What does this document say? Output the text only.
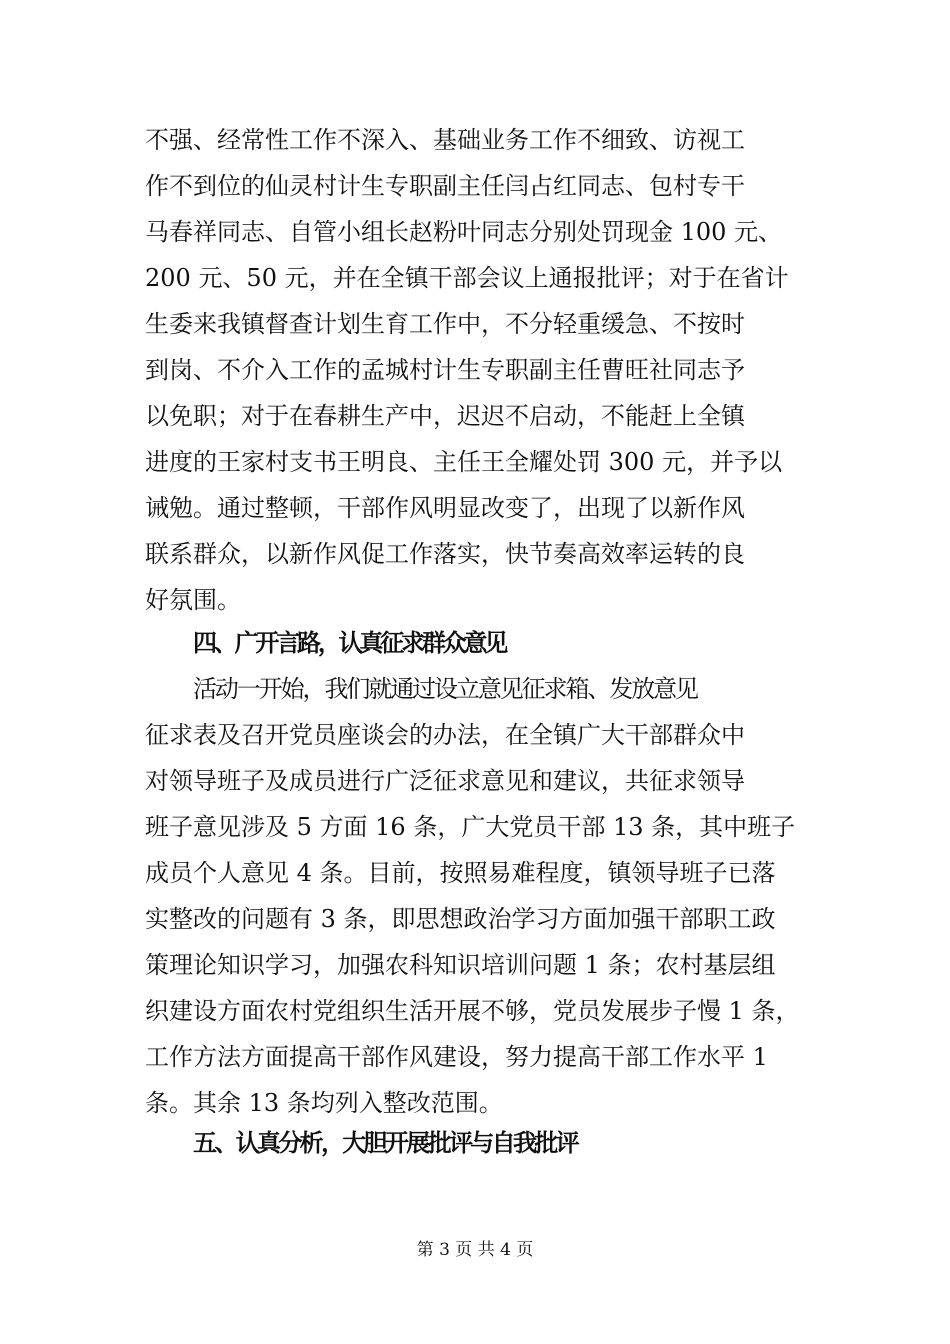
不强、经常性工作不深入、基础业务工作不细致、访视工
作不到位的仙灵村计生专职副主任闫占红同志、包村专干
马春祥同志、自管小组长赵粉叶同志分别处罚现金 100 元、
200 元、50 元，并在全镇干部会议上通报批评；对于在省计
生委来我镇督查计划生育工作中，不分轻重缓急、不按时
到岗、不介入工作的孟城村计生专职副主任曹旺社同志予
以免职；对于在春耕生产中，迟迟不启动，不能赶上全镇
进度的王家村支书王明良、主任王全耀处罚 300 元，并予以
诫勉。通过整顿，干部作风明显改变了，出现了以新作风
联系群众，以新作风促工作落实，快节奏高效率运转的良
好氛围。
四、广开言路，认真征求群众意见
活动一开始，我们就通过设立意见征求箱、发放意见
征求表及召开党员座谈会的办法，在全镇广大干部群众中
对领导班子及成员进行广泛征求意见和建议，共征求领导
班子意见涉及 5 方面 16 条，广大党员干部 13 条，其中班子
成员个人意见 4 条。目前，按照易难程度，镇领导班子已落
实整改的问题有 3 条，即思想政治学习方面加强干部职工政
策理论知识学习，加强农科知识培训问题 1 条；农村基层组
织建设方面农村党组织生活开展不够，党员发展步子慢 1 条，
工作方法方面提高干部作风建设，努力提高干部工作水平 1
条。其余 13 条均列入整改范围。
五、认真分析，大胆开展批评与自我批评
第 3 页 共 4 页
